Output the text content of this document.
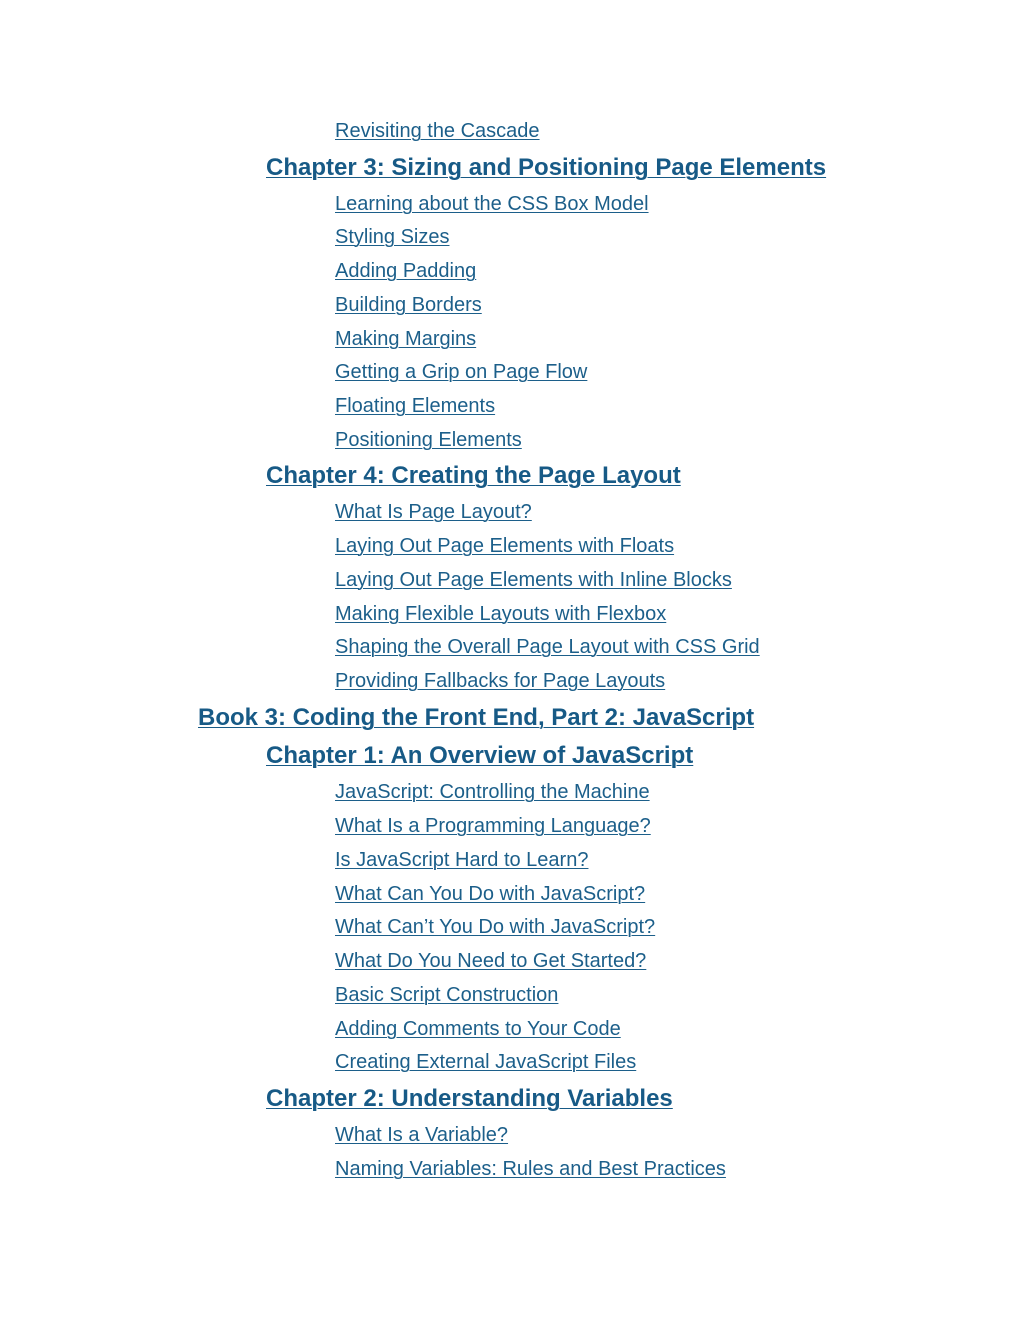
Revisiting the Cascade
Chapter 3: Sizing and Positioning Page Elements
Learning about the CSS Box Model
Styling Sizes
Adding Padding
Building Borders
Making Margins
Getting a Grip on Page Flow
Floating Elements
Positioning Elements
Chapter 4: Creating the Page Layout
What Is Page Layout?
Laying Out Page Elements with Floats
Laying Out Page Elements with Inline Blocks
Making Flexible Layouts with Flexbox
Shaping the Overall Page Layout with CSS Grid
Providing Fallbacks for Page Layouts
Book 3: Coding the Front End, Part 2: JavaScript
Chapter 1: An Overview of JavaScript
JavaScript: Controlling the Machine
What Is a Programming Language?
Is JavaScript Hard to Learn?
What Can You Do with JavaScript?
What Can’t You Do with JavaScript?
What Do You Need to Get Started?
Basic Script Construction
Adding Comments to Your Code
Creating External JavaScript Files
Chapter 2: Understanding Variables
What Is a Variable?
Naming Variables: Rules and Best Practices
